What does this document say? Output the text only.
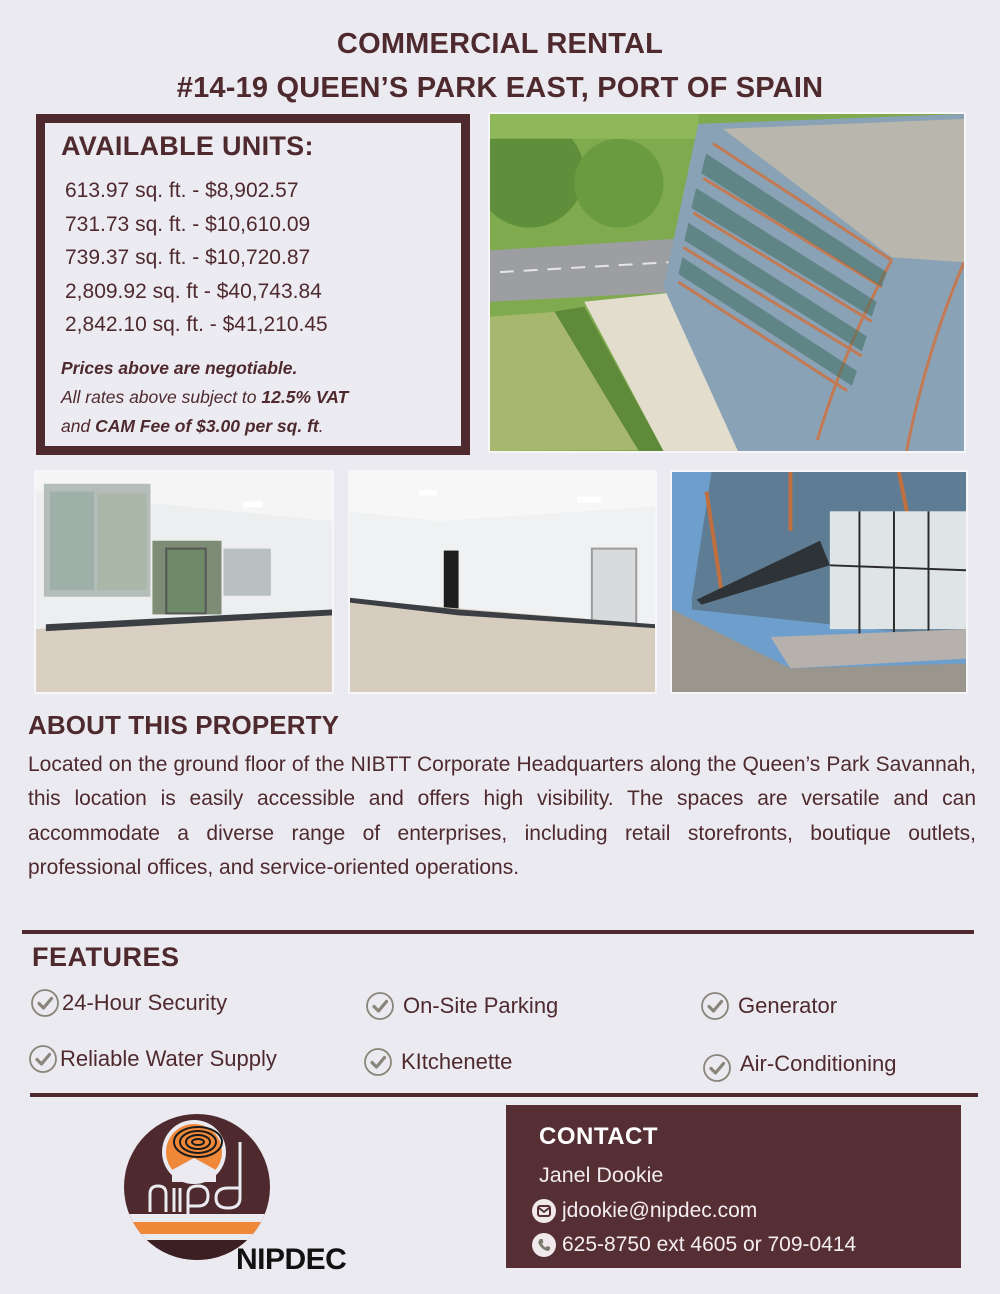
COMMERCIAL RENTAL
#14-19 QUEEN’S PARK EAST, PORT OF SPAIN
AVAILABLE UNITS:
613.97 sq. ft. - $8,902.57
731.73 sq. ft. - $10,610.09
739.37 sq. ft. - $10,720.87
2,809.92 sq. ft - $40,743.84
2,842.10 sq. ft. - $41,210.45
Prices above are negotiable.
All rates above subject to 12.5% VAT
and CAM Fee of $3.00 per sq. ft.
ABOUT THIS PROPERTY
Located on the ground floor of the NIBTT Corporate Headquarters along the Queen’s Park Savannah, this location is easily accessible and offers high visibility. The spaces are versatile and can accommodate a diverse range of enterprises, including retail storefronts, boutique outlets, professional offices, and service-oriented operations.
FEATURES
24-Hour Security	On-Site Parking	Generator
Reliable Water Supply	KItchenette	Air-Conditioning
NIPDEC
CONTACT
Janel Dookie
jdookie@nipdec.com
625-8750 ext 4605 or 709-0414
